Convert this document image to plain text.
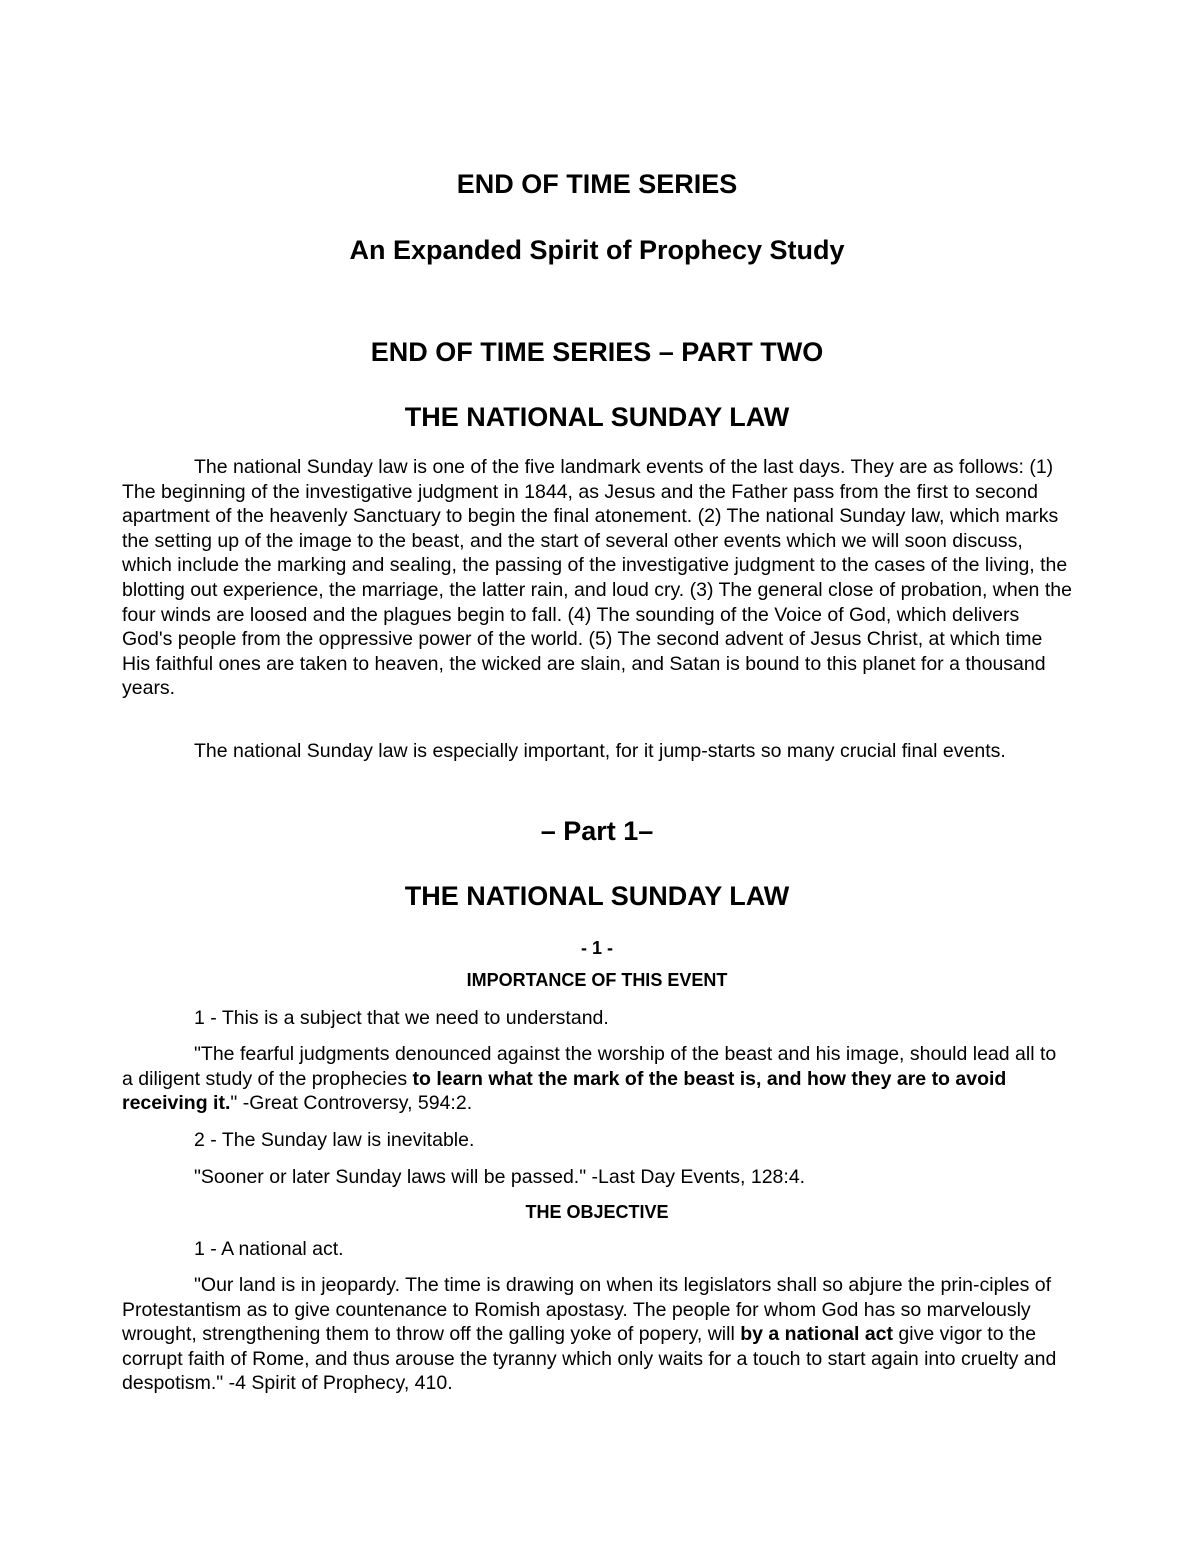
END OF TIME SERIES

An Expanded Spirit of Prophecy Study

END OF TIME SERIES – PART TWO

THE NATIONAL SUNDAY LAW

The national Sunday law is one of the five landmark events of the last days. They are as follows: (1) The beginning of the investigative judgment in 1844, as Jesus and the Father pass from the first to second apartment of the heavenly Sanctuary to begin the final atonement. (2) The national Sunday law, which marks the setting up of the image to the beast, and the start of several other events which we will soon discuss, which include the marking and sealing, the passing of the investigative judgment to the cases of the living, the blotting out experience, the marriage, the latter rain, and loud cry. (3) The general close of probation, when the four winds are loosed and the plagues begin to fall. (4) The sounding of the Voice of God, which delivers God's people from the oppressive power of the world. (5) The second advent of Jesus Christ, at which time His faithful ones are taken to heaven, the wicked are slain, and Satan is bound to this planet for a thousand years.

The national Sunday law is especially important, for it jump-starts so many crucial final events.

– Part 1–

THE NATIONAL SUNDAY LAW

- 1 -

IMPORTANCE OF THIS EVENT

1 - This is a subject that we need to understand.

"The fearful judgments denounced against the worship of the beast and his image, should lead all to a diligent study of the prophecies to learn what the mark of the beast is, and how they are to avoid receiving it." -Great Controversy, 594:2.

2 - The Sunday law is inevitable.

"Sooner or later Sunday laws will be passed." -Last Day Events, 128:4.

THE OBJECTIVE

1 - A national act.

"Our land is in jeopardy. The time is drawing on when its legislators shall so abjure the prin-ciples of Protestantism as to give countenance to Romish apostasy. The people for whom God has so marvelously wrought, strengthening them to throw off the galling yoke of popery, will by a national act give vigor to the corrupt faith of Rome, and thus arouse the tyranny which only waits for a touch to start again into cruelty and despotism." -4 Spirit of Prophecy, 410.
